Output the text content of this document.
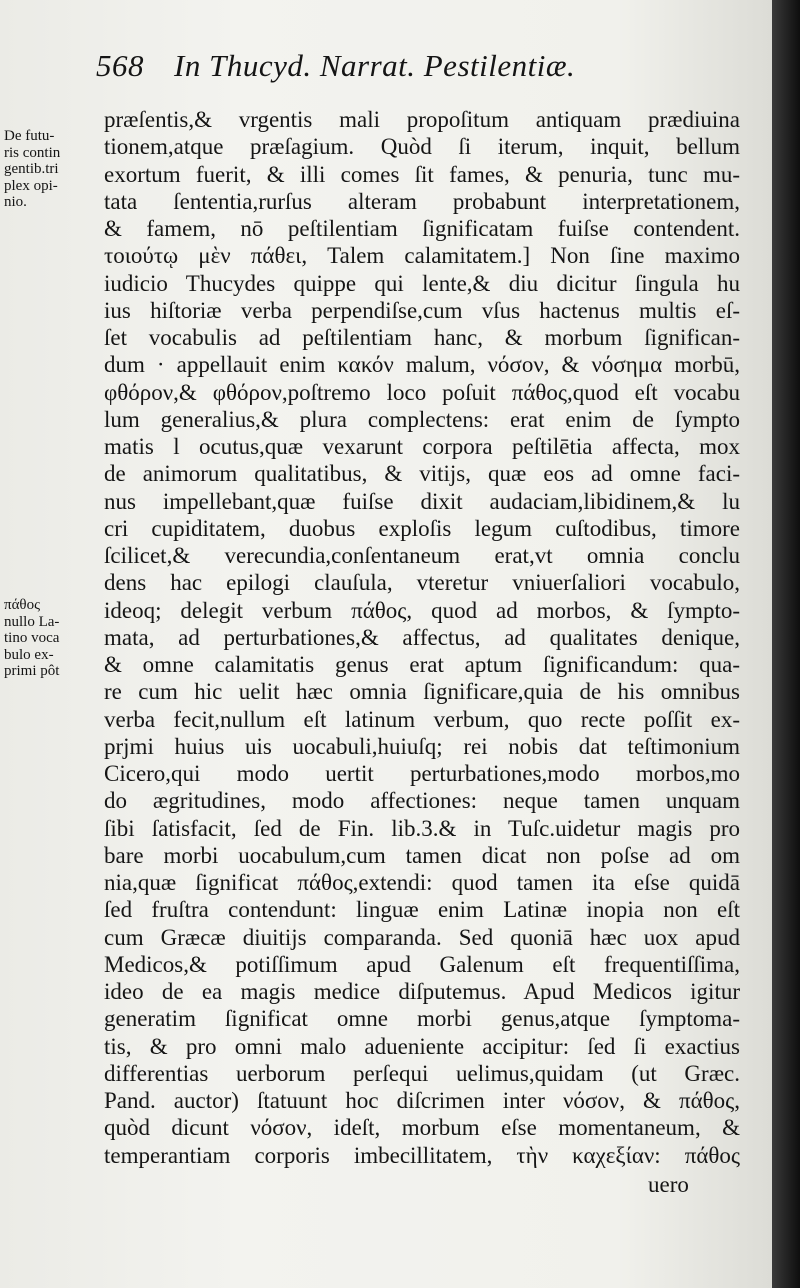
568 In Thucyd. Narrat. Pestilentiæ.
De futu-
ris contin
gentib.tri
plex opi-
nio.
πάθος
nullo La-
tino voca
bulo ex-
primi pôt
præſentis,& vrgentis mali propoſitum antiquam prædiuina
tionem,atque præſagium. Quòd ſi iterum, inquit, bellum
exortum fuerit, & illi comes ſit fames, & penuria, tunc mu-
tata ſententia,rurſus alteram probabunt interpretationem,
& famem, nō peſtilentiam ſignificatam fuiſse contendent.
τοιούτῳ μὲν πάθει, Talem calamitatem.] Non ſine maximo
iudicio Thucydes quippe qui lente,& diu dicitur ſingula hu
ius hiſtoriæ verba perpendiſse,cum vſus hactenus multis eſ-
ſet vocabulis ad peſtilentiam hanc, & morbum ſignifican-
dum · appellauit enim κακόν malum, νόσον, & νόσημα morbū,
φθόρον,& φθόρον,poſtremo loco poſuit πάθος,quod eſt vocabu
lum generalius,& plura complectens: erat enim de ſympto
matis l ocutus,quæ vexarunt corpora peſtilētia affecta, mox
de animorum qualitatibus, & vitijs, quæ eos ad omne faci-
nus impellebant,quæ fuiſse dixit audaciam,libidinem,& lu
cri cupiditatem, duobus exploſis legum cuſtodibus, timore
ſcilicet,& verecundia,conſentaneum erat,vt omnia conclu
dens hac epilogi clauſula, vteretur vniuerſaliori vocabulo,
ideoq; delegit verbum πάθος, quod ad morbos, & ſympto-
mata, ad perturbationes,& affectus, ad qualitates denique,
& omne calamitatis genus erat aptum ſignificandum: qua-
re cum hic uelit hæc omnia ſignificare,quia de his omnibus
verba fecit,nullum eſt latinum verbum, quo recte poſſit ex-
prjmi huius uis uocabuli,huiuſq; rei nobis dat teſtimonium
Cicero,qui modo uertit perturbationes,modo morbos,mo
do ægritudines, modo affectiones: neque tamen unquam
ſibi ſatisfacit, ſed de Fin. lib.3.& in Tuſc.uidetur magis pro
bare morbi uocabulum,cum tamen dicat non poſse ad om
nia,quæ ſignificat πάθος,extendi: quod tamen ita eſse quidā
ſed fruſtra contendunt: linguæ enim Latinæ inopia non eſt
cum Græcæ diuitijs comparanda. Sed quoniā hæc uox apud
Medicos,& potiſſimum apud Galenum eſt frequentiſſima,
ideo de ea magis medice diſputemus. Apud Medicos igitur
generatim ſignificat omne morbi genus,atque ſymptoma-
tis, & pro omni malo adueniente accipitur: ſed ſi exactius
differentias uerborum perſequi uelimus,quidam (ut Græc.
Pand. auctor) ſtatuunt hoc diſcrimen inter νόσον, & πάθος,
quòd dicunt νόσον, ideſt, morbum eſse momentaneum, &
temperantiam corporis imbecillitatem, τὴν καχεξίαν: πάθος
uero
